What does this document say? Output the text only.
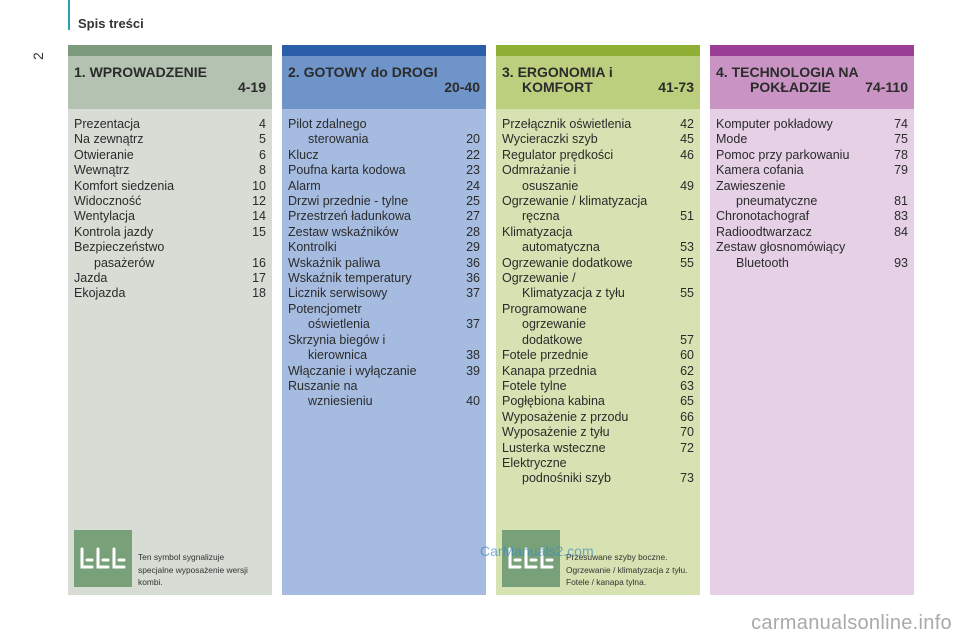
Spis treści
2
1. WPROWADZENIE
4-19
Prezentacja	4
Na zewnątrz	5
Otwieranie	6
Wewnątrz	8
Komfort siedzenia	10
Widoczność	12
Wentylacja	14
Kontrola jazdy	15
Bezpieczeństwo
pasażerów	16
Jazda	17
Ekojazda	18
2. GOTOWY do DROGI
20-40
Pilot zdalnego
sterowania	20
Klucz	22
Poufna karta kodowa	23
Alarm	24
Drzwi przednie - tylne	25
Przestrzeń ładunkowa	27
Zestaw wskaźników	28
Kontrolki	29
Wskaźnik paliwa	36
Wskaźnik temperatury	36
Licznik serwisowy	37
Potencjometr
oświetlenia	37
Skrzynia biegów i
kierownica	38
Włączanie i wyłączanie	39
Ruszanie na
wzniesieniu	40
3. ERGONOMIA i
KOMFORT	41-73
Przełącznik oświetlenia	42
Wycieraczki szyb	45
Regulator prędkości	46
Odmrażanie i
osuszanie	49
Ogrzewanie / klimatyzacja
ręczna	51
Klimatyzacja
automatyczna	53
Ogrzewanie dodatkowe	55
Ogrzewanie /
Klimatyzacja z tyłu	55
Programowane
ogrzewanie
dodatkowe	57
Fotele przednie	60
Kanapa przednia	62
Fotele tylne	63
Pogłębiona kabina	65
Wyposażenie z przodu	66
Wyposażenie z tyłu	70
Lusterka wsteczne	72
Elektryczne
podnośniki szyb	73
4. TECHNOLOGIA NA
POKŁADZIE 74-110
Komputer pokładowy	74
Mode	75
Pomoc przy parkowaniu	78
Kamera cofania	79
Zawieszenie
pneumatyczne	81
Chronotachograf	83
Radioodtwarzacz	84
Zestaw głosnomówiący
Bluetooth	93
Ten symbol sygnalizuje specjalne wyposażenie wersji kombi.
Przesuwane szyby boczne. Ogrzewanie / klimatyzacja z tyłu. Fotele / kanapa tylna.
CarManuals2.com
carmanualsonline.info
